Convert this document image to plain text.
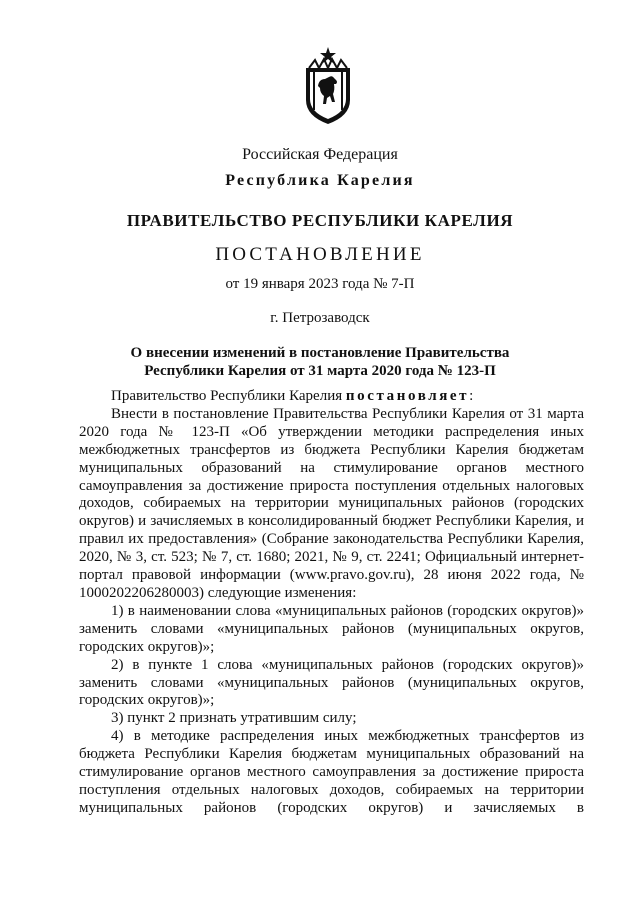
Российская Федерация
Республика Карелия
ПРАВИТЕЛЬСТВО РЕСПУБЛИКИ КАРЕЛИЯ
ПОСТАНОВЛЕНИЕ
от 19 января 2023 года № 7-П
г. Петрозаводск
О внесении изменений в постановление Правительства Республики Карелия от 31 марта 2020 года № 123-П

Правительство Республики Карелия постановляет:

Внести в постановление Правительства Республики Карелия от 31 марта 2020 года № 123-П «Об утверждении методики распределения иных межбюджетных трансфертов из бюджета Республики Карелия бюджетам муниципальных образований на стимулирование органов местного самоуправления за достижение прироста поступления отдельных налоговых доходов, собираемых на территории муниципальных районов (городских округов) и зачисляемых в консолидированный бюджет Республики Карелия, и правил их предоставления» (Собрание законодательства Республики Карелия, 2020, № 3, ст. 523; № 7, ст. 1680; 2021, № 9, ст. 2241; Официальный интернет-портал правовой информации (www.pravo.gov.ru), 28 июня 2022 года, № 1000202206280003) следующие изменения:

1) в наименовании слова «муниципальных районов (городских округов)» заменить словами «муниципальных районов (муниципальных округов, городских округов)»;

2) в пункте 1 слова «муниципальных районов (городских округов)» заменить словами «муниципальных районов (муниципальных округов, городских округов)»;

3) пункт 2 признать утратившим силу;

4) в методике распределения иных межбюджетных трансфертов из бюджета Республики Карелия бюджетам муниципальных образований на стимулирование органов местного самоуправления за достижение прироста поступления отдельных налоговых доходов, собираемых на территории муниципальных районов (городских округов) и зачисляемых в
